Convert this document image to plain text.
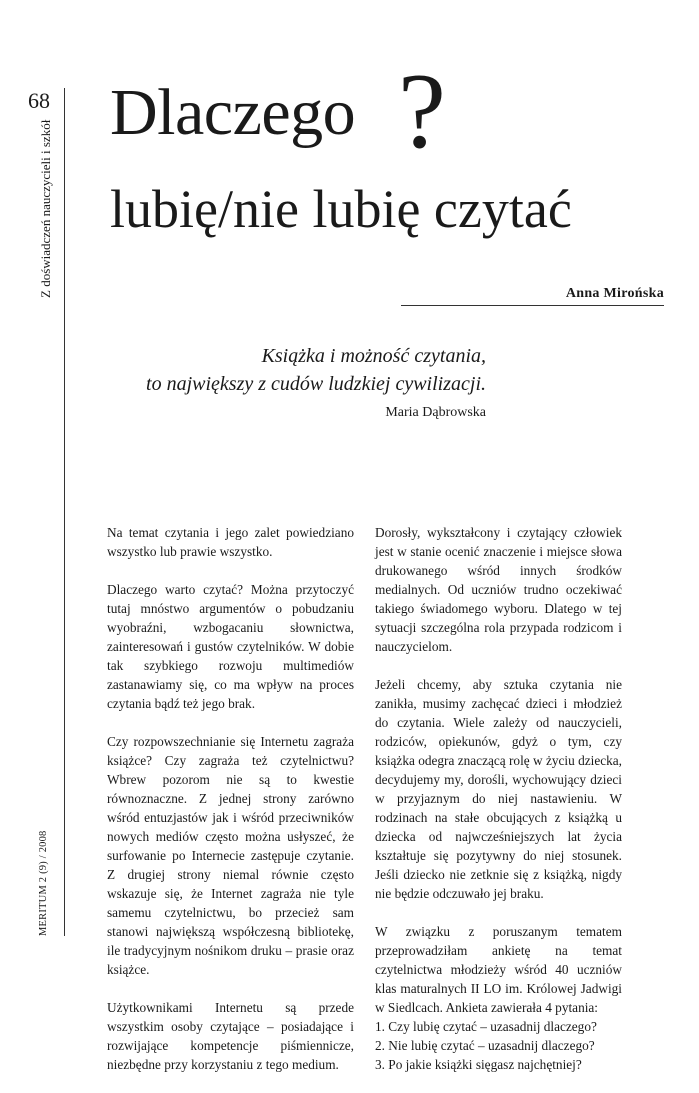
68
Z doświadczeń nauczycieli i szkół
MERITUM 2 (9) / 2008
Dlaczego ?
lubię/nie lubię czytać
Anna Mirońska
Książka i możność czytania,
to największy z cudów ludzkiej cywilizacji.
Maria Dąbrowska

Na temat czytania i jego zalet powiedziano wszystko lub prawie wszystko.

Dlaczego warto czytać? Można przytoczyć tutaj mnóstwo argumentów o pobudzaniu wyobraźni, wzbogacaniu słownictwa, zainteresowań i gustów czytelników. W dobie tak szybkiego rozwoju multimediów zastanawiamy się, co ma wpływ na proces czytania bądź też jego brak.

Czy rozpowszechnianie się Internetu zagraża książce? Czy zagraża też czytelnictwu? Wbrew pozorom nie są to kwestie równoznaczne. Z jednej strony zarówno wśród entuzjastów jak i wśród przeciwników nowych mediów często można usłyszeć, że surfowanie po Internecie zastępuje czytanie. Z drugiej strony niemal równie często wskazuje się, że Internet zagraża nie tyle samemu czytelnictwu, bo przecież sam stanowi największą współczesną bibliotekę, ile tradycyjnym nośnikom druku – prasie oraz książce.

Użytkownikami Internetu są przede wszystkim osoby czytające – posiadające i rozwijające kompetencje piśmiennicze, niezbędne przy korzystaniu z tego medium.

Dorosły, wykształcony i czytający człowiek jest w stanie ocenić znaczenie i miejsce słowa drukowanego wśród innych środków medialnych. Od uczniów trudno oczekiwać takiego świadomego wyboru. Dlatego w tej sytuacji szczególna rola przypada rodzicom i nauczycielom.

Jeżeli chcemy, aby sztuka czytania nie zanikła, musimy zachęcać dzieci i młodzież do czytania. Wiele zależy od nauczycieli, rodziców, opiekunów, gdyż o tym, czy książka odegra znaczącą rolę w życiu dziecka, decydujemy my, dorośli, wychowujący dzieci w przyjaznym do niej nastawieniu. W rodzinach na stałe obcujących z książką u dziecka od najwcześniejszych lat życia kształtuje się pozytywny do niej stosunek. Jeśli dziecko nie zetknie się z książką, nigdy nie będzie odczuwało jej braku.

W związku z poruszanym tematem przeprowadziłam ankietę na temat czytelnictwa młodzieży wśród 40 uczniów klas maturalnych II LO im. Królowej Jadwigi w Siedlcach. Ankieta zawierała 4 pytania:

1. Czy lubię czytać – uzasadnij dlaczego?
2. Nie lubię czytać – uzasadnij dlaczego?
3. Po jakie książki sięgasz najchętniej?
